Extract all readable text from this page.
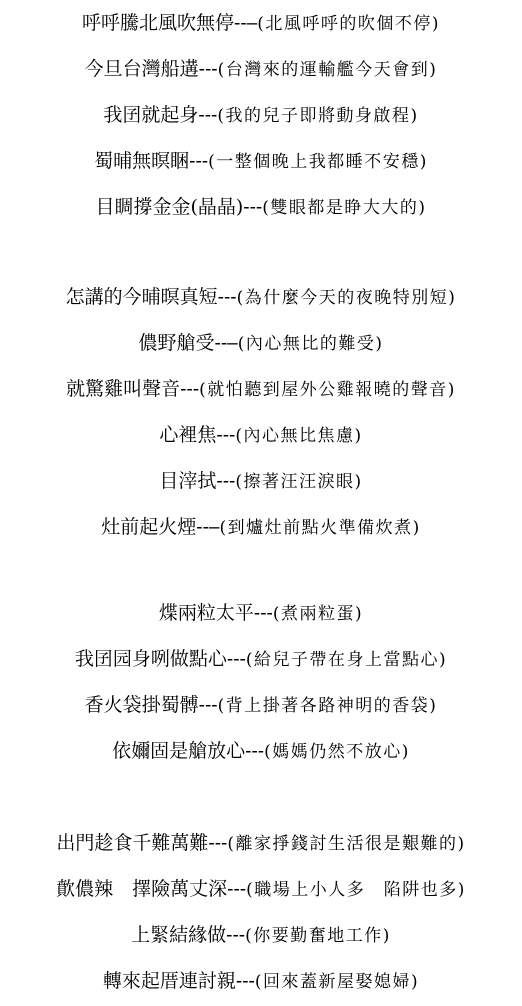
呼呼騰北風吹無停--–(北風呼呼的吹個不停)
今旦台灣船遘---(台灣來的運輸艦今天會到)
我囝就起身---(我的兒子即將動身啟程)
蜀晡無暝睏---(一整個晚上我都睡不安穩)
目睭撐金金(晶晶)---(雙眼都是睁大大的)
怎講的今晡暝真短---(為什麼今天的夜晚特別短)
儂野艙受--–(內心無比的難受)
就驚雞叫聲音---(就怕聽到屋外公雞報曉的聲音)
心裡焦---(內心無比焦慮)
目滓拭---(擦著汪汪淚眼)
灶前起火煙--–(到爐灶前點火準備炊煮)
煠兩粒太平---(煮兩粒蛋)
我囝园身咧做點心---(給兒子帶在身上當點心)
香火袋掛蜀髆---(背上掛著各路神明的香袋)
依嬭固是艙放心---(媽媽仍然不放心)
出門趁食千難萬難---(離家掙錢討生活很是艱難的)
歕儂辣　擇險萬丈深---(職場上小人多　陷阱也多)
上緊結緣做---(你要勤奮地工作)
轉來起厝連討親---(回來蓋新屋娶媳婦)
